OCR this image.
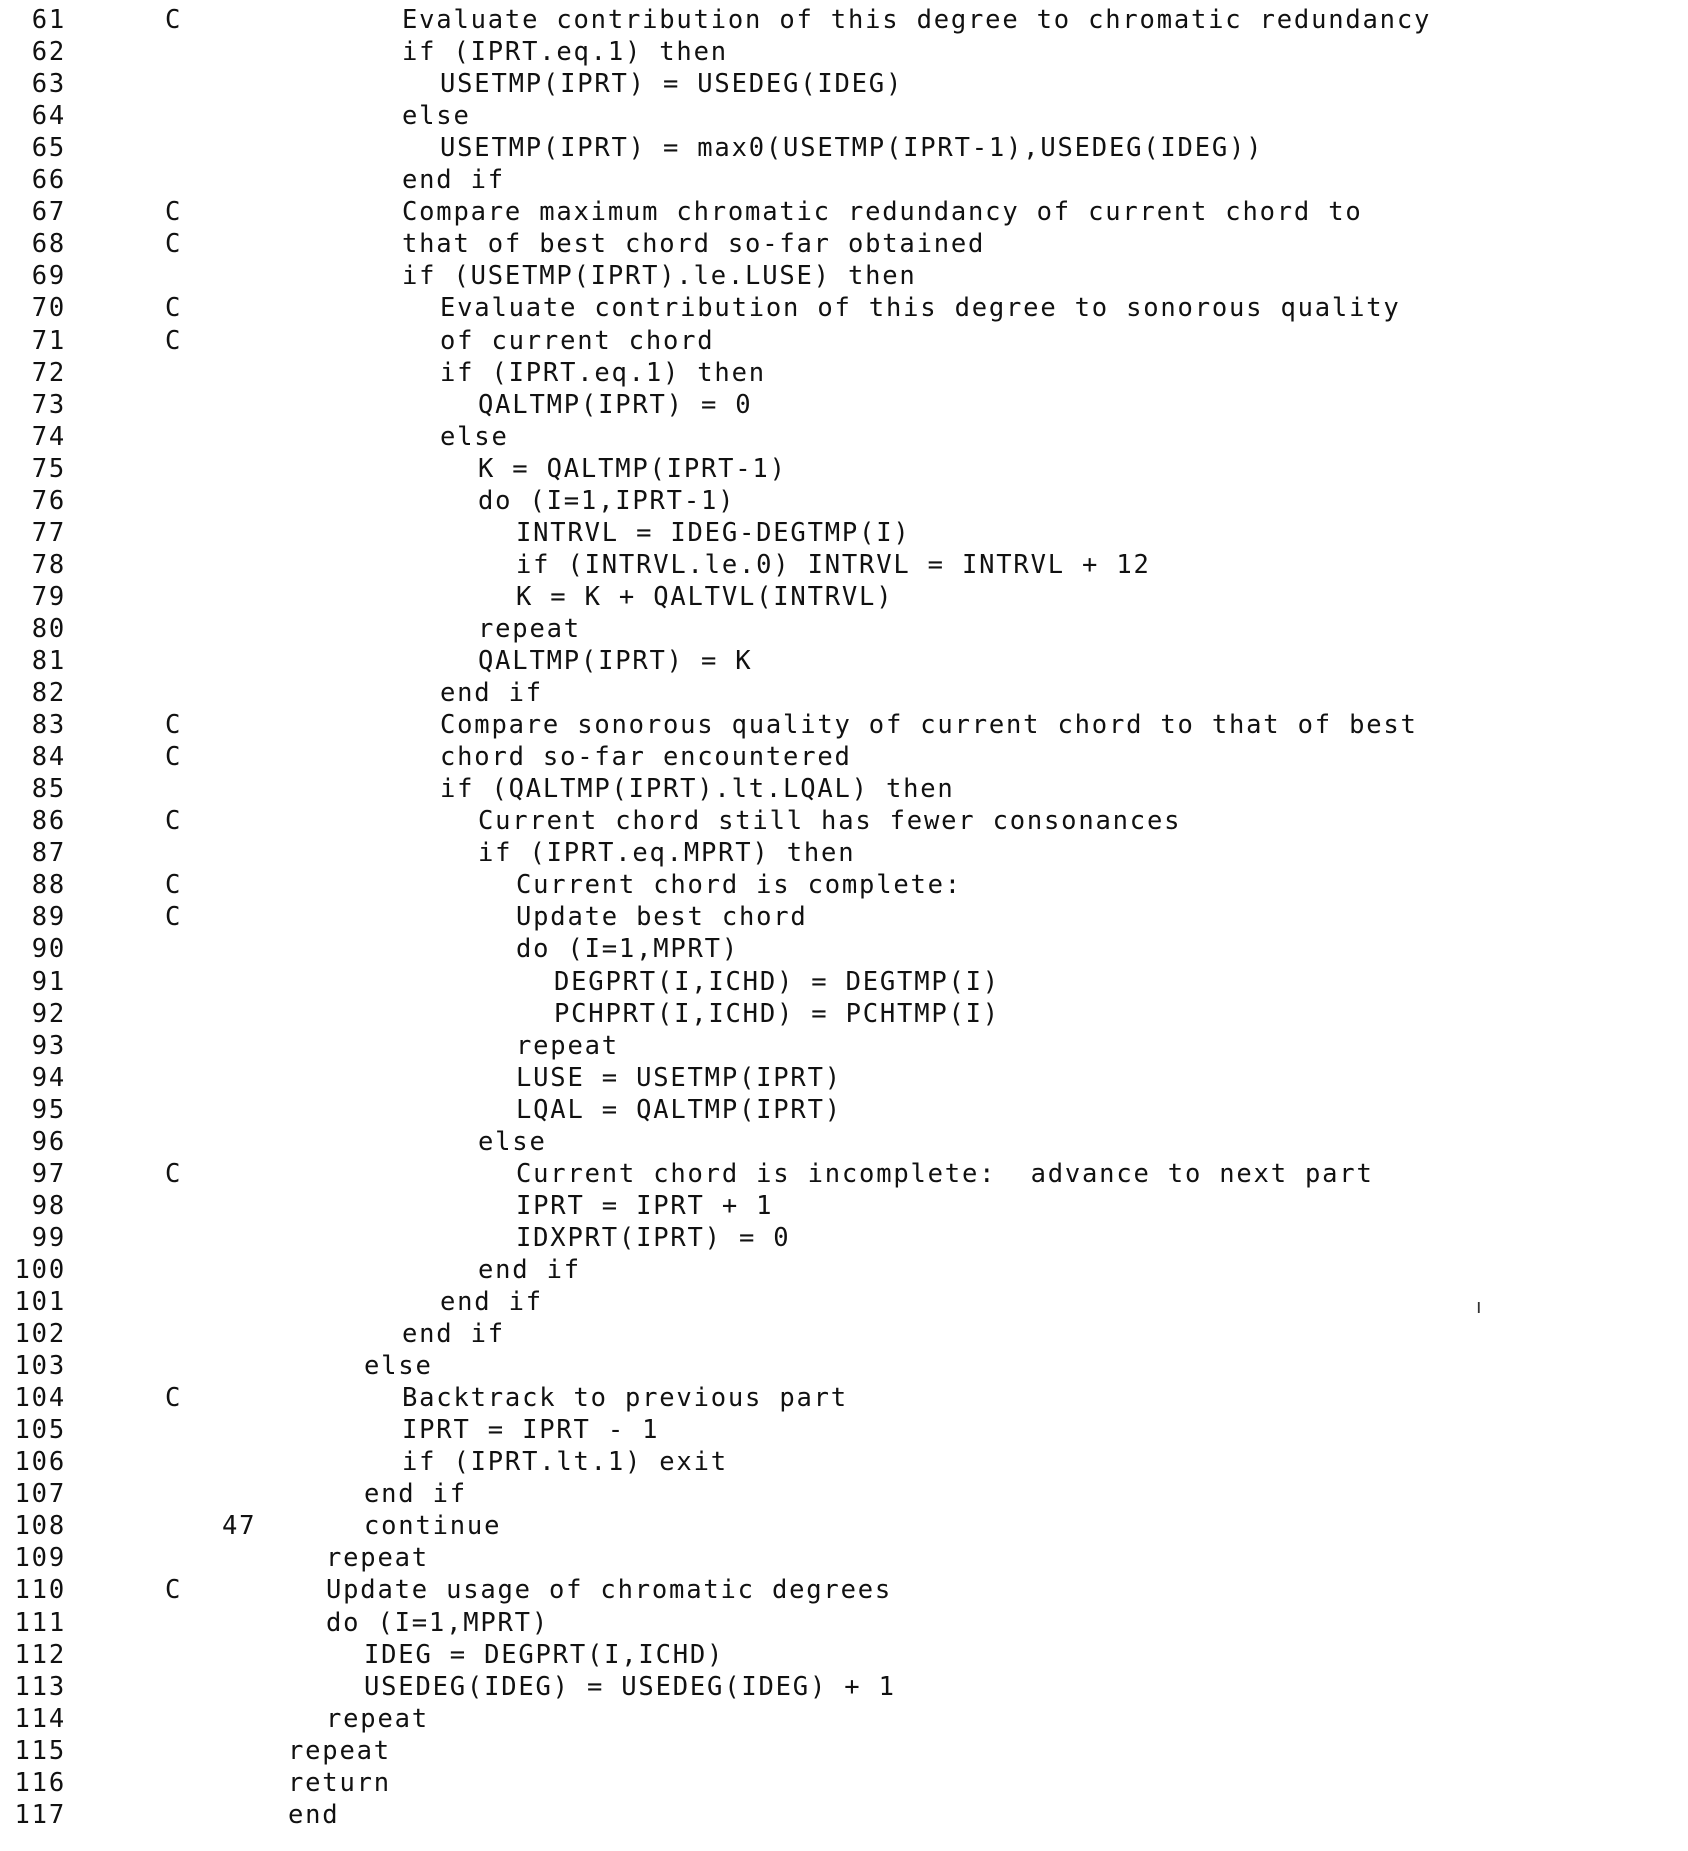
61	C	Evaluate contribution of this degree to chromatic redundancy
62	if (IPRT.eq.1) then
63	USETMP(IPRT) = USEDEG(IDEG)
64	else
65	USETMP(IPRT) = max0(USETMP(IPRT-1),USEDEG(IDEG))
66	end if
67	C	Compare maximum chromatic redundancy of current chord to
68	C	that of best chord so-far obtained
69	if (USETMP(IPRT).le.LUSE) then
70	C	Evaluate contribution of this degree to sonorous quality
71	C	of current chord
72	if (IPRT.eq.1) then
73	QALTMP(IPRT) = 0
74	else
75	K = QALTMP(IPRT-1)
76	do (I=1,IPRT-1)
77	INTRVL = IDEG-DEGTMP(I)
78	if (INTRVL.le.0) INTRVL = INTRVL + 12
79	K = K + QALTVL(INTRVL)
80	repeat
81	QALTMP(IPRT) = K
82	end if
83	C	Compare sonorous quality of current chord to that of best
84	C	chord so-far encountered
85	if (QALTMP(IPRT).lt.LQAL) then
86	C	Current chord still has fewer consonances
87	if (IPRT.eq.MPRT) then
88	C	Current chord is complete:
89	C	Update best chord
90	do (I=1,MPRT)
91	DEGPRT(I,ICHD) = DEGTMP(I)
92	PCHPRT(I,ICHD) = PCHTMP(I)
93	repeat
94	LUSE = USETMP(IPRT)
95	LQAL = QALTMP(IPRT)
96	else
97	C	Current chord is incomplete:  advance to next part
98	IPRT = IPRT + 1
99	IDXPRT(IPRT) = 0
100	end if
101	end if
102	end if
103	else
104	C	Backtrack to previous part
105	IPRT = IPRT - 1
106	if (IPRT.lt.1) exit
107	end if
108	47	continue
109	repeat
110	C	Update usage of chromatic degrees
111	do (I=1,MPRT)
112	IDEG = DEGPRT(I,ICHD)
113	USEDEG(IDEG) = USEDEG(IDEG) + 1
114	repeat
115	repeat
116	return
117	end
ı
